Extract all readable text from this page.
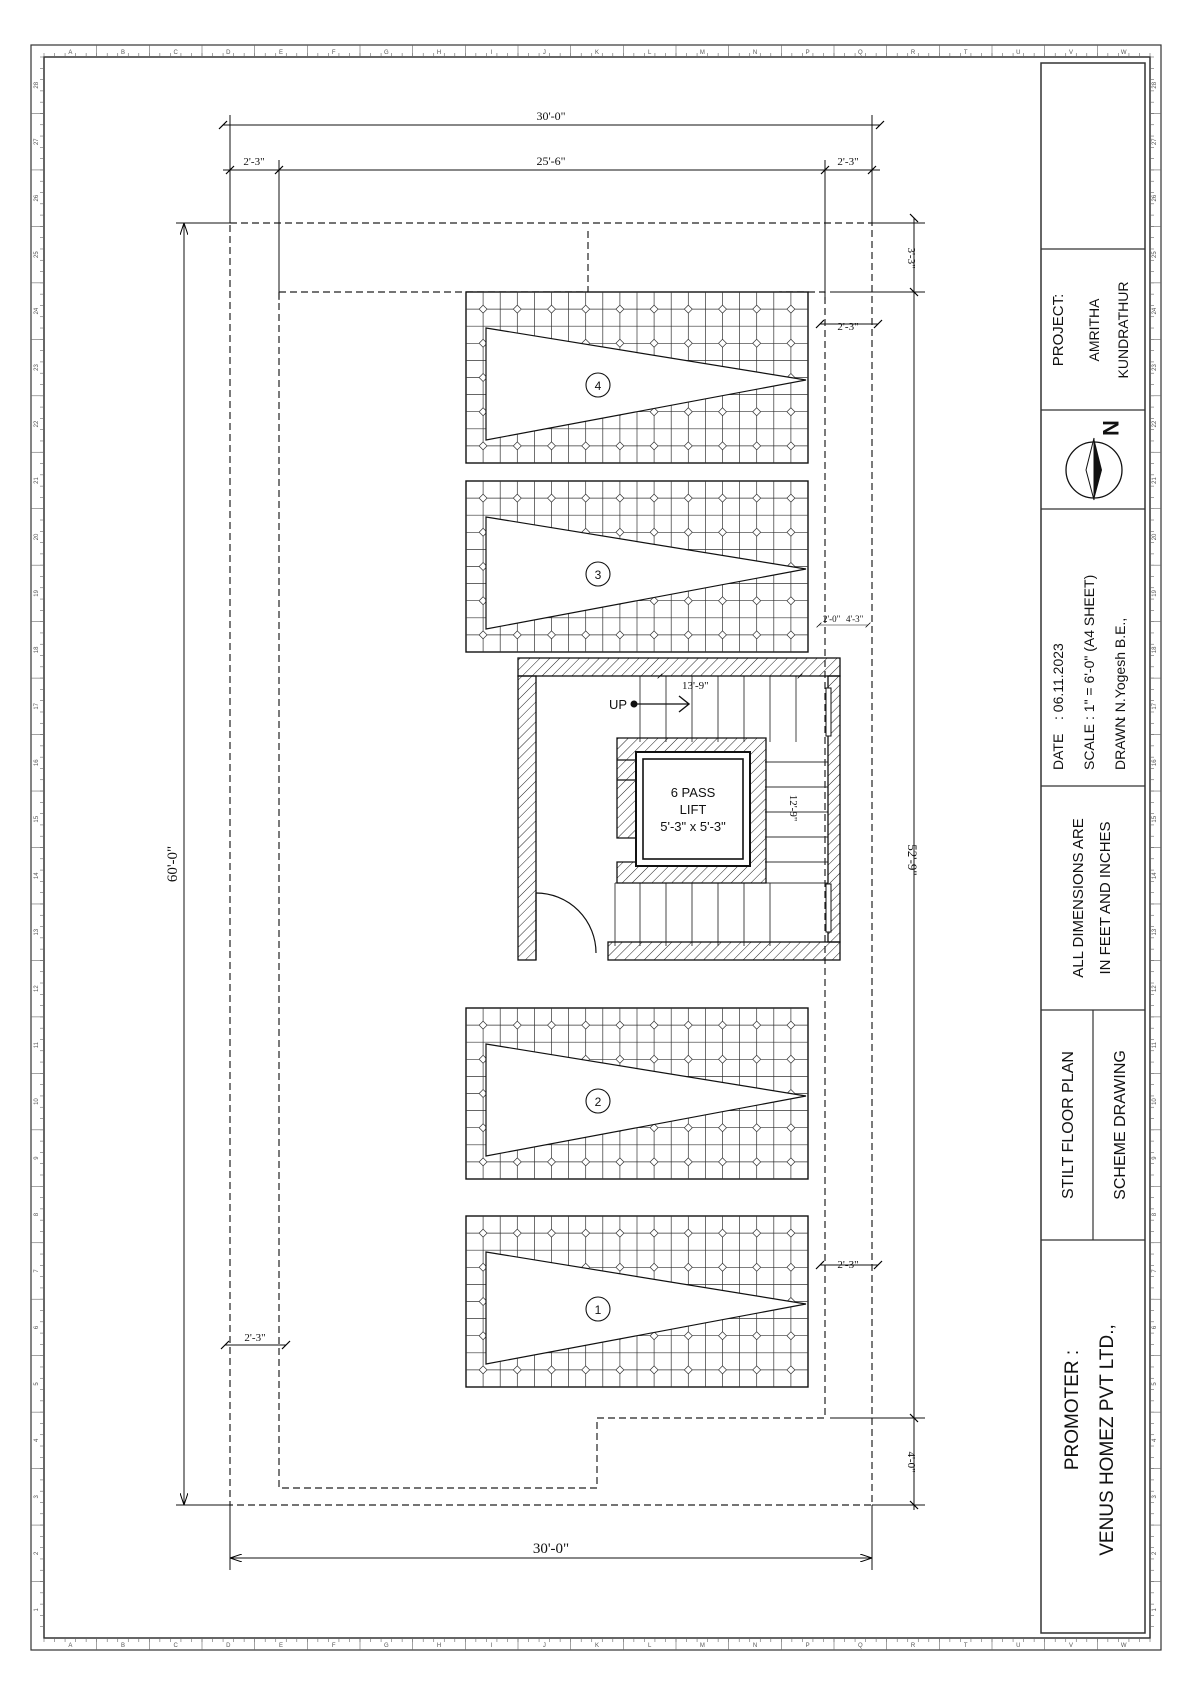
A
A
B
B
C
C
D
D
E
E
F
F
G
G
H
H
I
I
J
J
K
K
L
L
M
M
N
N
P
P
Q
Q
R
R
T
T
U
U
V
V
W
W
1	1
2	2
3	3
4	4
5	5
6	6
7	7
8	8
9	9
10	10
11	11
12	12
13	13
14	14
15	15
16	16
17	17
18	18
19	19
20	20
21	21
22	22
23	23
24	24
25	25
26	26
27	27
28	28
PROJECT: AMRITHA KUNDRATHUR
N
DATE
: 06.11.2023
SCALE
: 1" = 6'-0" (A4 SHEET)
DRAWN
: N.Yogesh B.E.,
ALL DIMENSIONS ARE IN FEET AND INCHES
STILT FLOOR PLAN SCHEME DRAWING
PROMOTER : VENUS HOMEZ PVT LTD.,
4
3
2
1
6 PASS
LIFT
5'-3" x 5'-3"
UP
13'-9"
12'-9"
2'-0" 4'-3"
30'-0"
2'-3"	25'-6"	2'-3"
60'-0"
3'-3"
52'-9"
4'-0"
2'-3"
2'-3"
2'-3"
30'-0"
